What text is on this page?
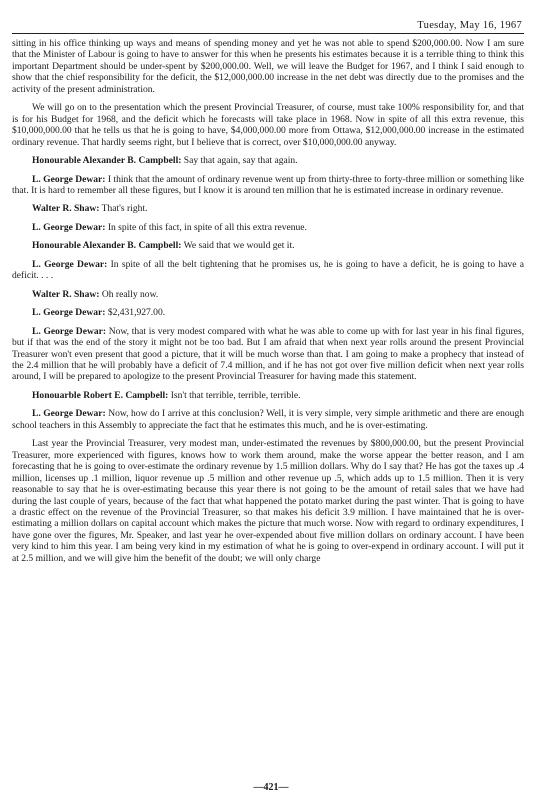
Tuesday, May 16, 1967

sitting in his office thinking up ways and means of spending money and yet he was not able to spend $200,000.00. Now I am sure that the Minister of Labour is going to have to answer for this when he presents his estimates because it is a terrible thing to think this important Department should be under-spent by $200,000.00. Well, we will leave the Budget for 1967, and I think I said enough to show that the chief responsibility for the deficit, the $12,000,000.00 increase in the net debt was directly due to the promises and the activity of the present administration.

We will go on to the presentation which the present Provincial Treasurer, of course, must take 100% responsibility for, and that is for his Budget for 1968, and the deficit which he forecasts will take place in 1968. Now in spite of all this extra revenue, this $10,000,000.00 that he tells us that he is going to have, $4,000,000.00 more from Ottawa, $12,000,000.00 increase in the estimated ordinary revenue. That hardly seems right, but I believe that is correct, over $10,000,000.00 anyway.

Honourable Alexander B. Campbell: Say that again, say that again.

L. George Dewar: I think that the amount of ordinary revenue went up from thirty-three to forty-three million or something like that. It is hard to remember all these figures, but I know it is around ten million that he is estimated increase in ordinary revenue.

Walter R. Shaw: That's right.

L. George Dewar: In spite of this fact, in spite of all this extra revenue.

Honourable Alexander B. Campbell: We said that we would get it.

L. George Dewar: In spite of all the belt tightening that he promises us, he is going to have a deficit, he is going to have a deficit. . . .

Walter R. Shaw: Oh really now.

L. George Dewar: $2,431,927.00.

L. George Dewar: Now, that is very modest compared with what he was able to come up with for last year in his final figures, but if that was the end of the story it might not be too bad. But I am afraid that when next year rolls around the present Provincial Treasurer won't even present that good a picture, that it will be much worse than that. I am going to make a prophecy that instead of the 2.4 million that he will probably have a deficit of 7.4 million, and if he has not got over five million deficit when next year rolls around, I will be prepared to apologize to the present Provincial Treasurer for having made this statement.

Honouarble Robert E. Campbell: Isn't that terrible, terrible, terrible.

L. George Dewar: Now, how do I arrive at this conclusion? Well, it is very simple, very simple arithmetic and there are enough school teachers in this Assembly to appreciate the fact that he estimates this much, and he is over-estimating.

Last year the Provincial Treasurer, very modest man, under-estimated the revenues by $800,000.00, but the present Provincial Treasurer, more experienced with figures, knows how to work them around, make the worse appear the better reason, and I am forecasting that he is going to over-estimate the ordinary revenue by 1.5 million dollars. Why do I say that? He has got the taxes up .4 million, licenses up .1 million, liquor revenue up .5 million and other revenue up .5, which adds up to 1.5 million. Then it is very reasonable to say that he is over-estimating because this year there is not going to be the amount of retail sales that we have had during the last couple of years, because of the fact that what happened the potato market during the past winter. That is going to have a drastic effect on the revenue of the Provincial Treasurer, so that makes his deficit 3.9 million. I have maintained that he is over-estimating a million dollars on capital account which makes the picture that much worse. Now with regard to ordinary expenditures, I have gone over the figures, Mr. Speaker, and last year he over-expended about five million dollars on ordinary account. I have been very kind to him this year. I am being very kind in my estimation of what he is going to over-expend in ordinary account. I will put it at 2.5 million, and we will give him the benefit of the doubt; we will only charge

—421—
